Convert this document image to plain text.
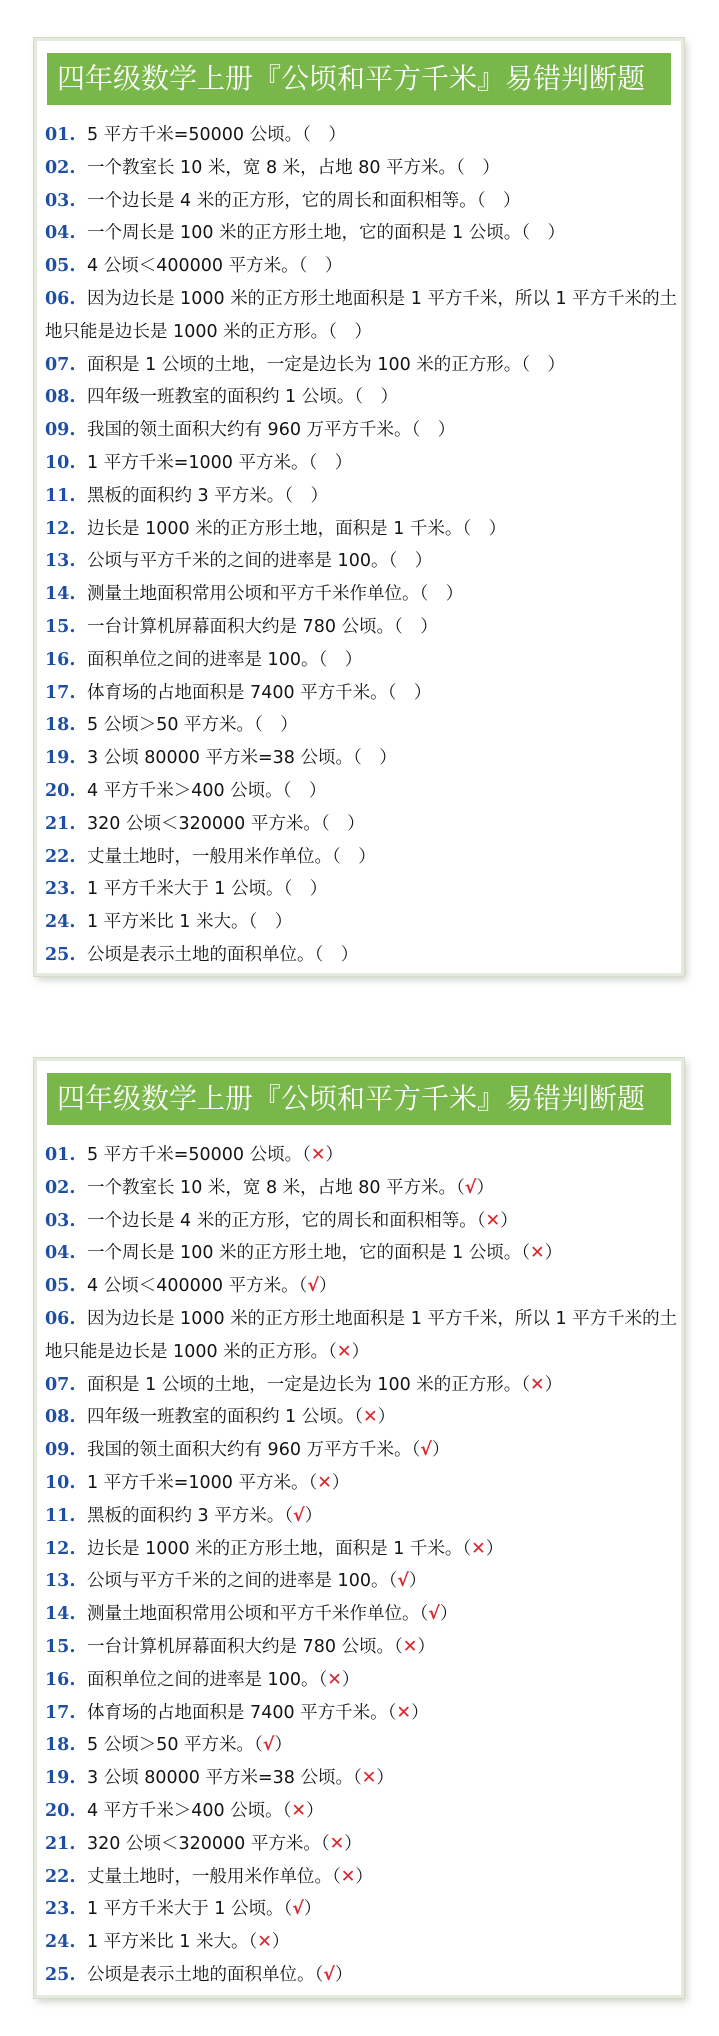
四年级数学上册『公顷和平方千米』易错判断题
01. 5 平方千米=50000 公顷。（　 ）
02. 一个教室长 10 米，宽 8 米，占地 80 平方米。（　 ）
03. 一个边长是 4 米的正方形，它的周长和面积相等。（　 ）
04. 一个周长是 100 米的正方形土地，它的面积是 1 公顷。（　 ）
05. 4 公顷＜400000 平方米。（　 ）
06. 因为边长是 1000 米的正方形土地面积是 1 平方千米，所以 1 平方千米的土地只能是边长是 1000 米的正方形。（　 ）
07. 面积是 1 公顷的土地，一定是边长为 100 米的正方形。（　 ）
08. 四年级一班教室的面积约 1 公顷。（　 ）
09. 我国的领土面积大约有 960 万平方千米。（　 ）
10. 1 平方千米=1000 平方米。（　 ）
11. 黑板的面积约 3 平方米。（　 ）
12. 边长是 1000 米的正方形土地，面积是 1 千米。（　 ）
13. 公顷与平方千米的之间的进率是 100。（　 ）
14. 测量土地面积常用公顷和平方千米作单位。（　 ）
15. 一台计算机屏幕面积大约是 780 公顷。（　 ）
16. 面积单位之间的进率是 100。（　 ）
17. 体育场的占地面积是 7400 平方千米。（　 ）
18. 5 公顷＞50 平方米。（　 ）
19. 3 公顷 80000 平方米=38 公顷。（　 ）
20. 4 平方千米＞400 公顷。（　 ）
21. 320 公顷＜320000 平方米。（　 ）
22. 丈量土地时，一般用米作单位。（　 ）
23. 1 平方千米大于 1 公顷。（　 ）
24. 1 平方米比 1 米大。（　 ）
25. 公顷是表示土地的面积单位。（　 ）
四年级数学上册『公顷和平方千米』易错判断题
01. 5 平方千米=50000 公顷。（✕）
02. 一个教室长 10 米，宽 8 米，占地 80 平方米。（√）
03. 一个边长是 4 米的正方形，它的周长和面积相等。（✕）
04. 一个周长是 100 米的正方形土地，它的面积是 1 公顷。（✕）
05. 4 公顷＜400000 平方米。（√）
06. 因为边长是 1000 米的正方形土地面积是 1 平方千米，所以 1 平方千米的土地只能是边长是 1000 米的正方形。（✕）
07. 面积是 1 公顷的土地，一定是边长为 100 米的正方形。（✕）
08. 四年级一班教室的面积约 1 公顷。（✕）
09. 我国的领土面积大约有 960 万平方千米。（√）
10. 1 平方千米=1000 平方米。（✕）
11. 黑板的面积约 3 平方米。（√）
12. 边长是 1000 米的正方形土地，面积是 1 千米。（✕）
13. 公顷与平方千米的之间的进率是 100。（√）
14. 测量土地面积常用公顷和平方千米作单位。（√）
15. 一台计算机屏幕面积大约是 780 公顷。（✕）
16. 面积单位之间的进率是 100。（✕）
17. 体育场的占地面积是 7400 平方千米。（✕）
18. 5 公顷＞50 平方米。（√）
19. 3 公顷 80000 平方米=38 公顷。（✕）
20. 4 平方千米＞400 公顷。（✕）
21. 320 公顷＜320000 平方米。（✕）
22. 丈量土地时，一般用米作单位。（✕）
23. 1 平方千米大于 1 公顷。（√）
24. 1 平方米比 1 米大。（✕）
25. 公顷是表示土地的面积单位。（√）
